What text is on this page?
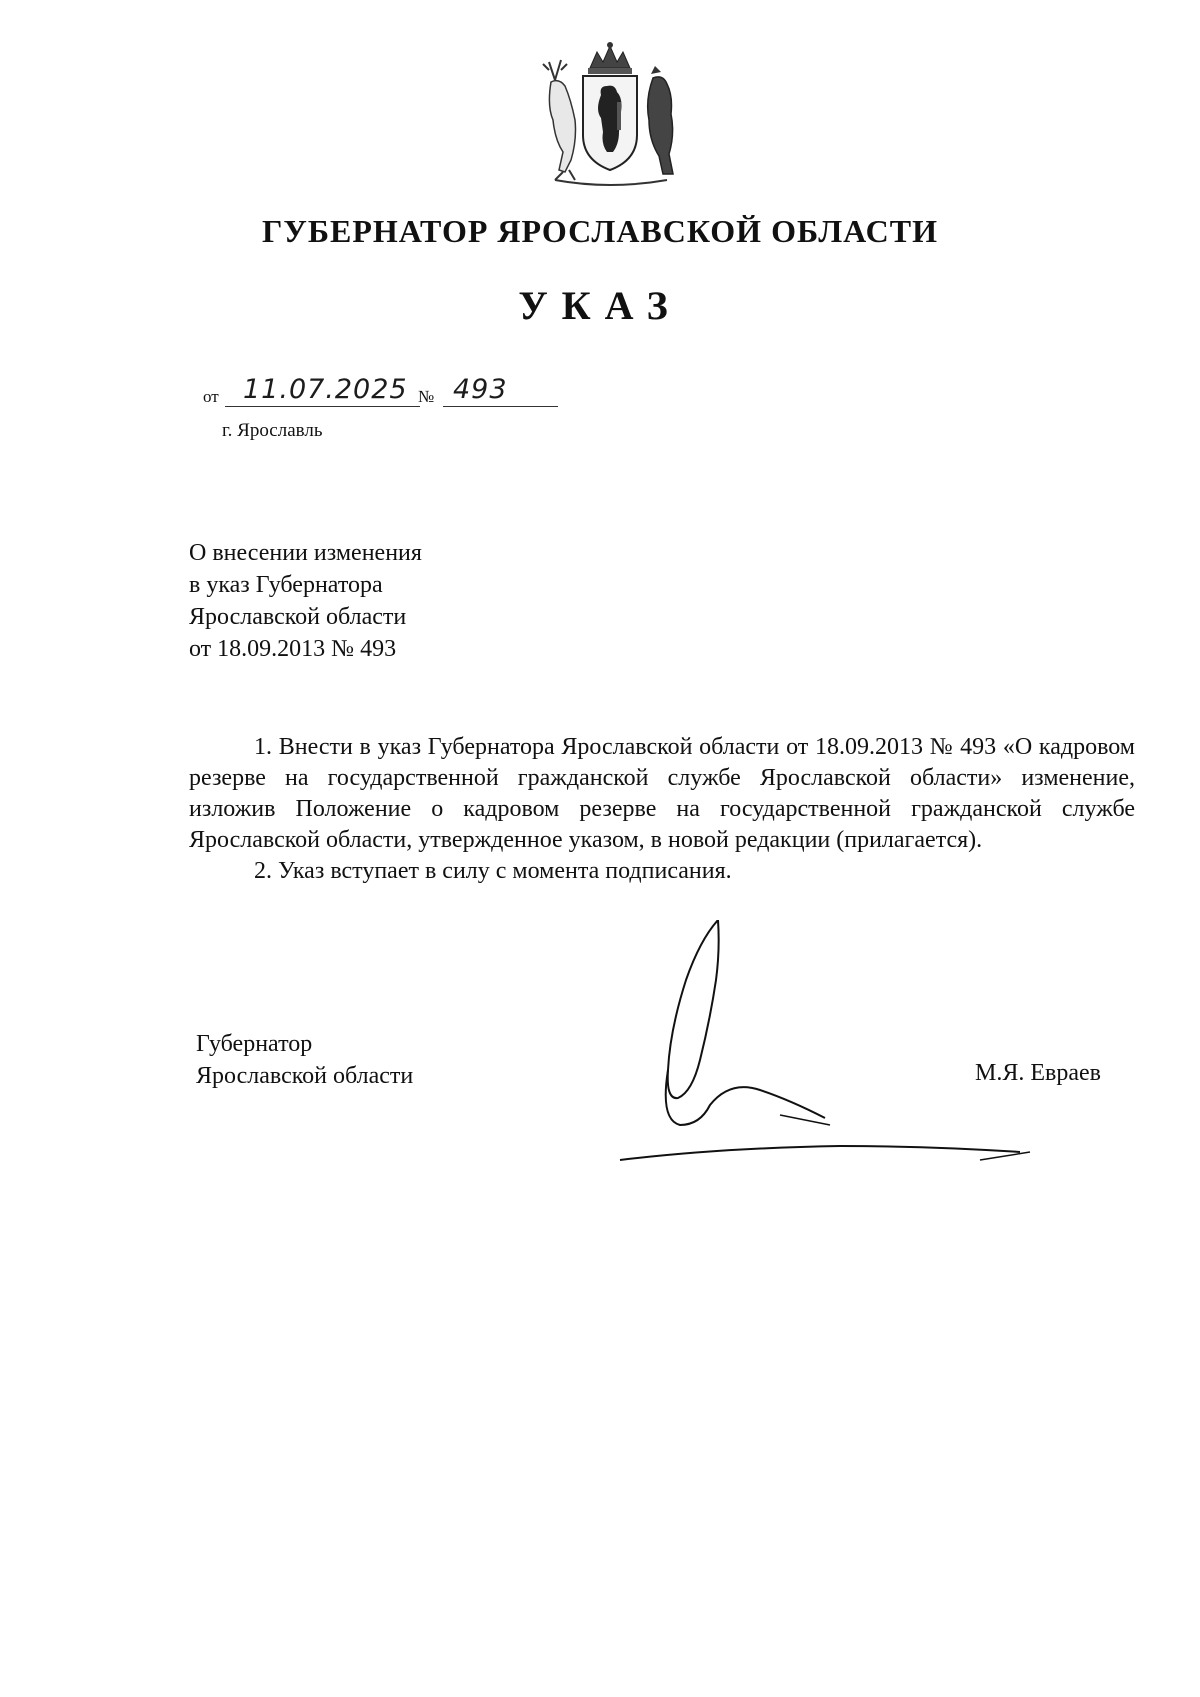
ГУБЕРНАТОР ЯРОСЛАВСКОЙ ОБЛАСТИ
УКАЗ
от 11.07.2025 № 493

г. Ярославль

О внесении изменения
в указ Губернатора
Ярославской области
от 18.09.2013 № 493

1. Внести в указ Губернатора Ярославской области от 18.09.2013 № 493 «О кадровом резерве на государственной гражданской службе Ярославской области» изменение, изложив Положение о кадровом резерве на государственной гражданской службе Ярославской области, утвержденное указом, в новой редакции (прилагается).

2. Указ вступает в силу с момента подписания.

Губернатор
Ярославской области	М.Я. Евраев
